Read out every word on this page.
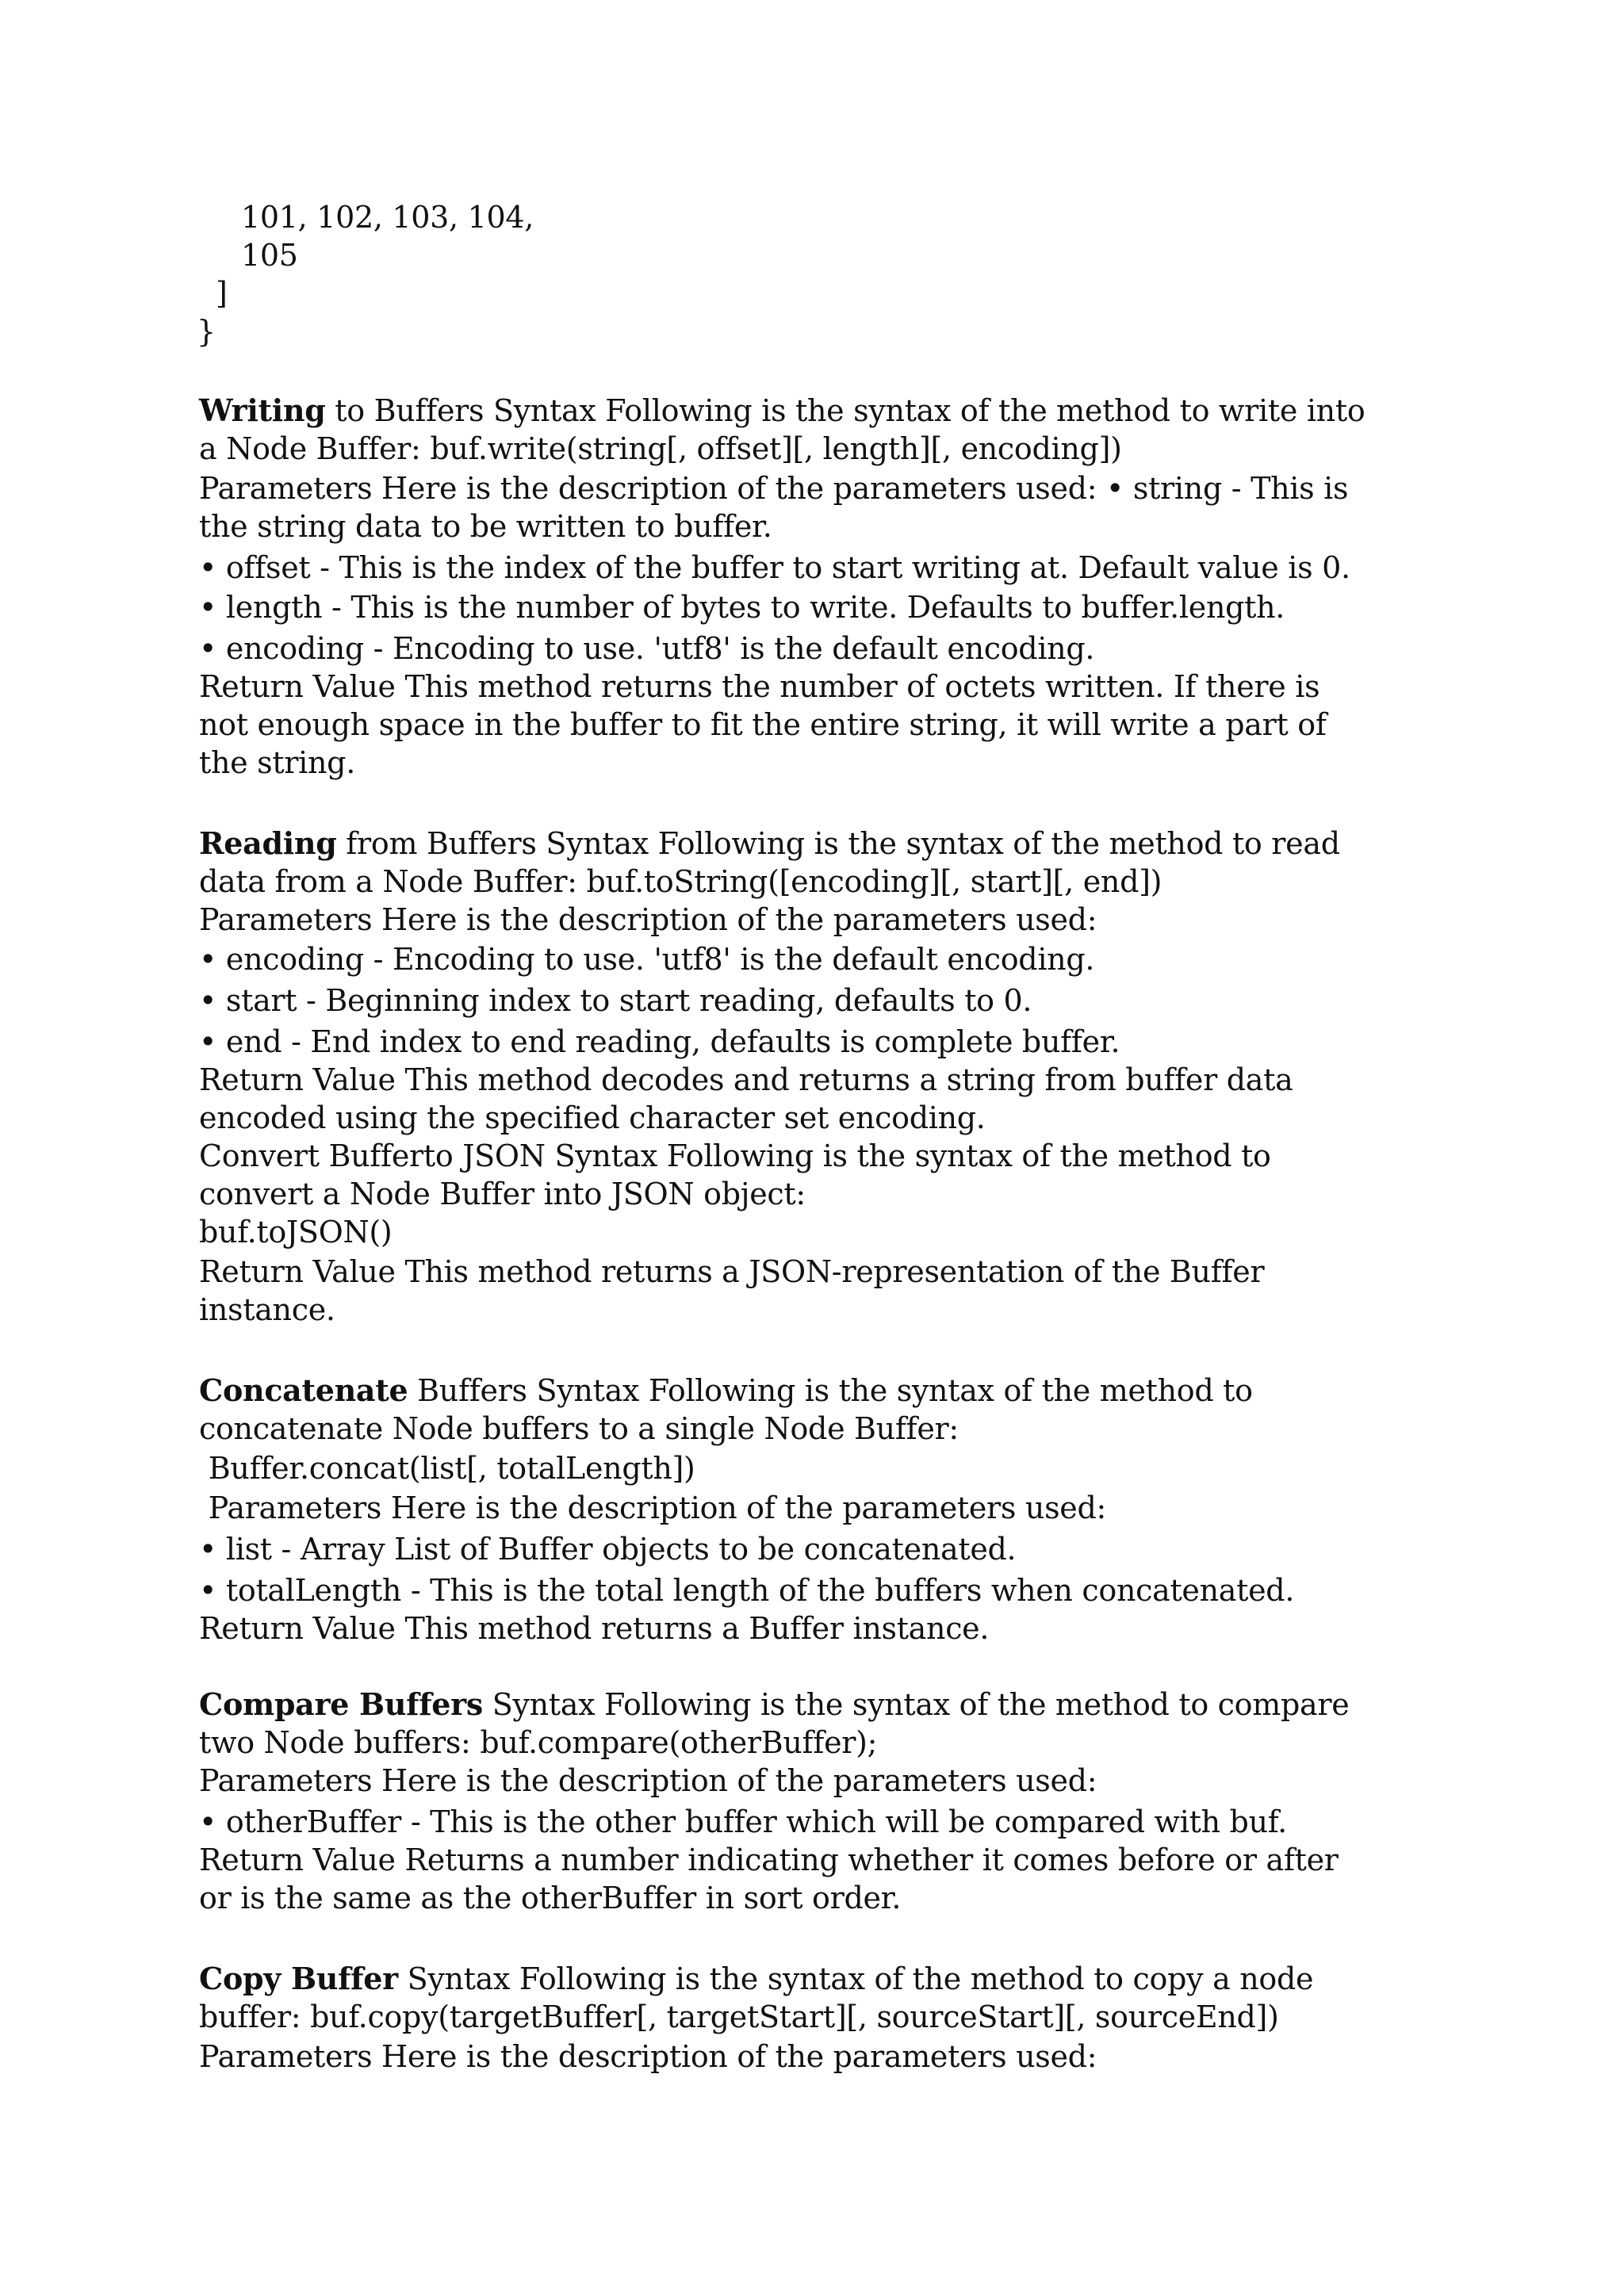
101, 102, 103, 104,

105

]

}

Writing to Buffers Syntax Following is the syntax of the method to write into

a Node Buffer: buf.write(string[, offset][, length][, encoding])

Parameters Here is the description of the parameters used: • string - This is

the string data to be written to buffer.

• offset - This is the index of the buffer to start writing at. Default value is 0.

• length - This is the number of bytes to write. Defaults to buffer.length.

• encoding - Encoding to use. 'utf8' is the default encoding.

Return Value This method returns the number of octets written. If there is

not enough space in the buffer to fit the entire string, it will write a part of

the string.

Reading from Buffers Syntax Following is the syntax of the method to read

data from a Node Buffer: buf.toString([encoding][, start][, end])

Parameters Here is the description of the parameters used:

• encoding - Encoding to use. 'utf8' is the default encoding.

• start - Beginning index to start reading, defaults to 0.

• end - End index to end reading, defaults is complete buffer.

Return Value This method decodes and returns a string from buffer data

encoded using the specified character set encoding.

Convert Bufferto JSON Syntax Following is the syntax of the method to

convert a Node Buffer into JSON object:

buf.toJSON()

Return Value This method returns a JSON-representation of the Buffer

instance.

Concatenate Buffers Syntax Following is the syntax of the method to

concatenate Node buffers to a single Node Buffer:

Buffer.concat(list[, totalLength])

Parameters Here is the description of the parameters used:

• list - Array List of Buffer objects to be concatenated.

• totalLength - This is the total length of the buffers when concatenated.

Return Value This method returns a Buffer instance.

Compare Buffers Syntax Following is the syntax of the method to compare

two Node buffers: buf.compare(otherBuffer);

Parameters Here is the description of the parameters used:

• otherBuffer - This is the other buffer which will be compared with buf.

Return Value Returns a number indicating whether it comes before or after

or is the same as the otherBuffer in sort order.

Copy Buffer Syntax Following is the syntax of the method to copy a node

buffer: buf.copy(targetBuffer[, targetStart][, sourceStart][, sourceEnd])

Parameters Here is the description of the parameters used:
